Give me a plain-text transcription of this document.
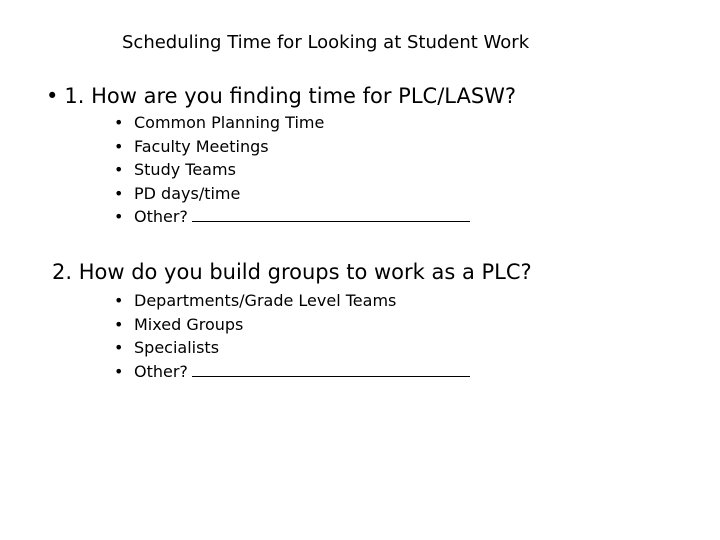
Scheduling Time for Looking at Student Work
• 1. How are you finding time for PLC/LASW?
• Common Planning Time
• Faculty Meetings
• Study Teams
• PD days/time
• Other?
2. How do you build groups to work as a PLC?
• Departments/Grade Level Teams
• Mixed Groups
• Specialists
• Other?
